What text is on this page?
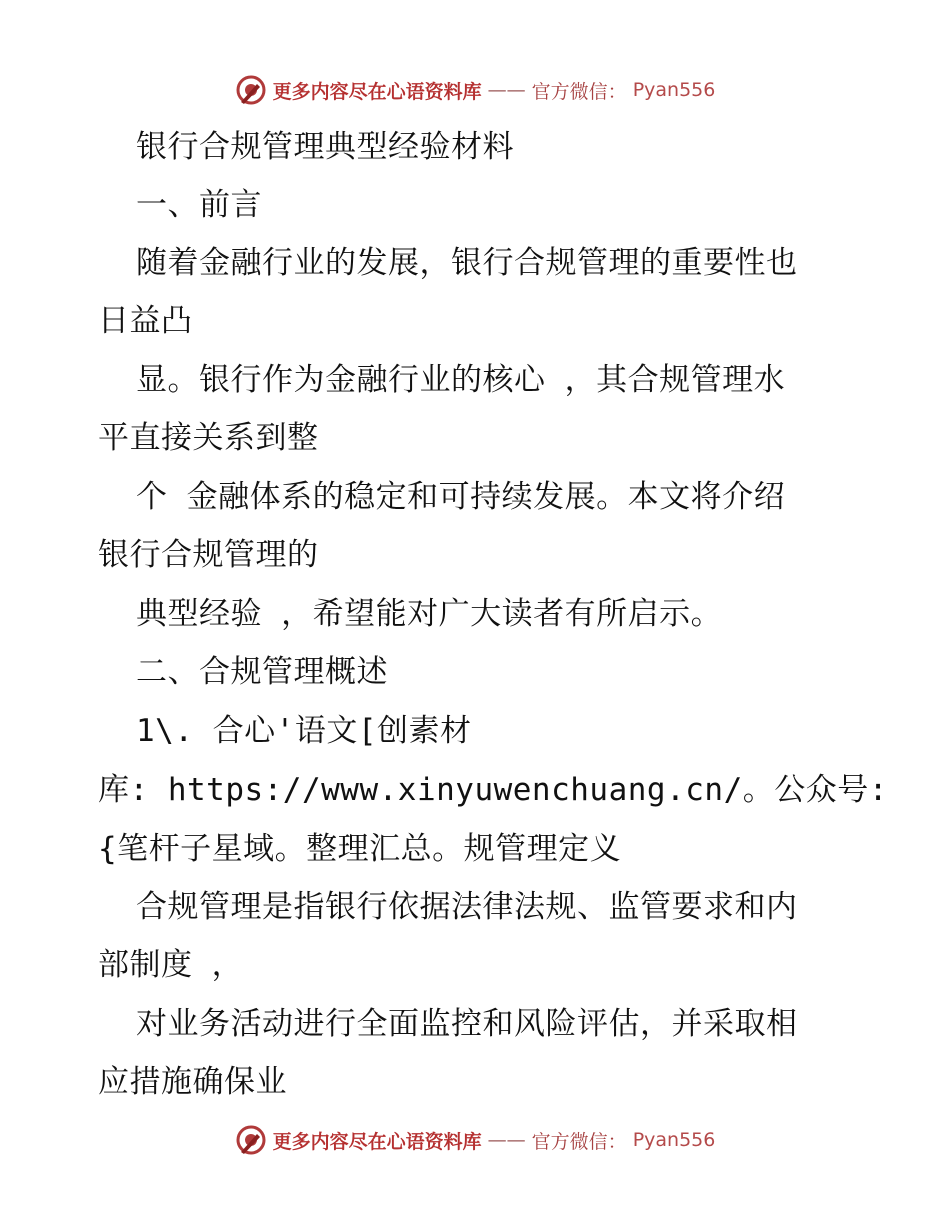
更多内容尽在心语资料库 —— 官方微信： Pyan556
银行合规管理典型经验材料
一、前言
随着金融行业的发展，银行合规管理的重要性也
日益凸
显。银行作为金融行业的核心 ，其合规管理水
平直接关系到整
个 金融体系的稳定和可持续发展。本文将介绍
银行合规管理的
典型经验 ，希望能对广大读者有所启示。
二、合规管理概述
1\. 合心'语文[创素材
库: https://www.xinyuwenchuang.cn/。公众号:
{笔杆子星域。整理汇总。规管理定义
合规管理是指银行依据法律法规、监管要求和内
部制度 ，
对业务活动进行全面监控和风险评估，并采取相
应措施确保业
更多内容尽在心语资料库 —— 官方微信： Pyan556
